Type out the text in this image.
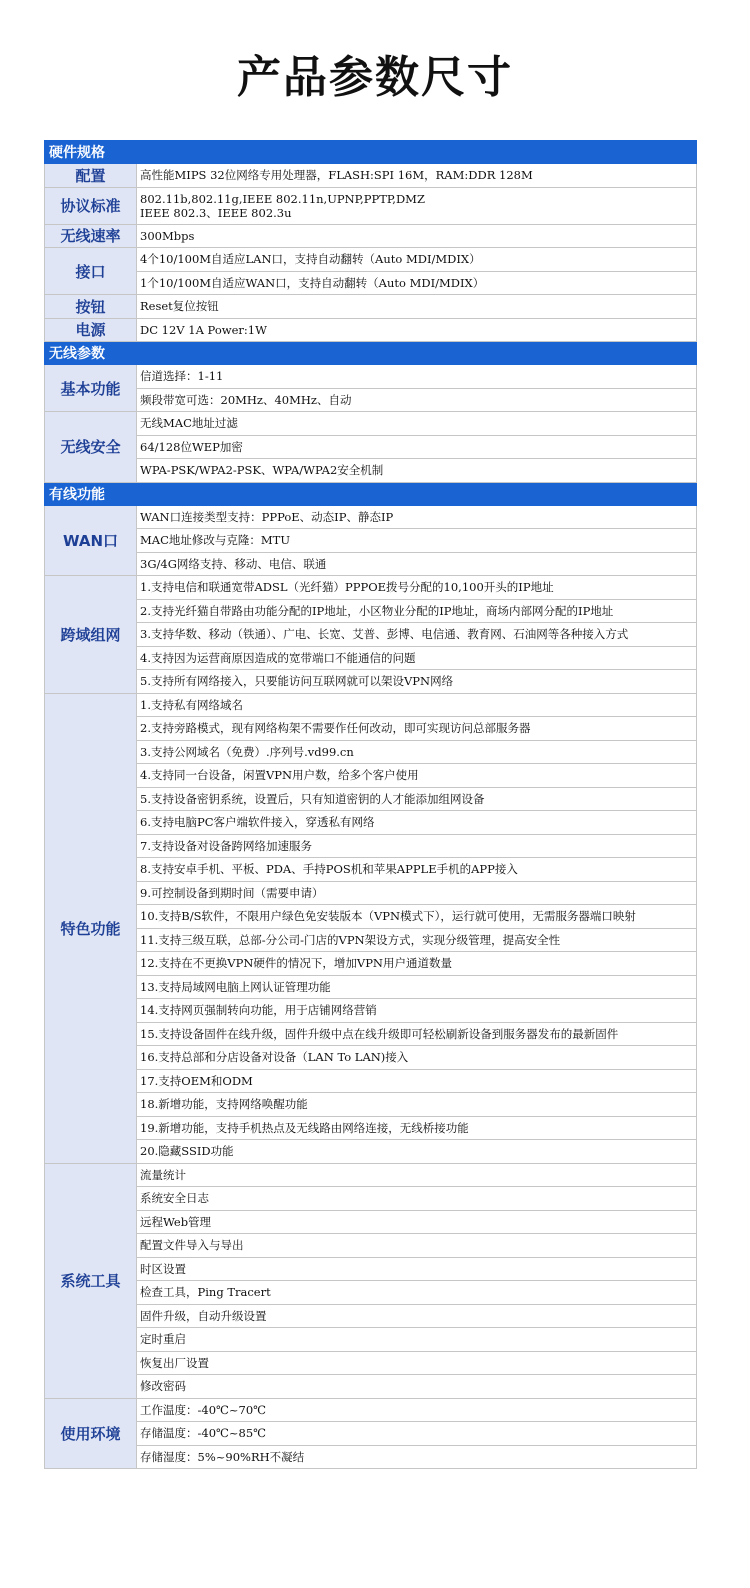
产品参数尺寸
硬件规格	
配置	高性能MIPS 32位网络专用处理器，FLASH:SPI 16M，RAM:DDR 128M
协议标准	802.11b,802.11g,IEEE 802.11n,UPNP,PPTP,DMZ
IEEE 802.3、IEEE 802.3u

无线速率	300Mbps
接口	4个10/100M自适应LAN口，支持自动翻转（Auto MDI/MDIX）
	1个10/100M自适应WAN口，支持自动翻转（Auto MDI/MDIX）
按钮	Reset复位按钮
电源	DC 12V 1A Power:1W
无线参数	
基本功能	信道选择：1-11
	频段带宽可选：20MHz、40MHz、自动
无线安全	无线MAC地址过滤
	64/128位WEP加密
	WPA-PSK/WPA2-PSK、WPA/WPA2安全机制
有线功能	
WAN口	WAN口连接类型支持：PPPoE、动态IP、静态IP
	MAC地址修改与克隆：MTU
	3G/4G网络支持、移动、电信、联通
跨域组网	1.支持电信和联通宽带ADSL（光纤猫）PPPOE拨号分配的10,100开头的IP地址
	2.支持光纤猫自带路由功能分配的IP地址，小区物业分配的IP地址，商场内部网分配的IP地址
	3.支持华数、移动（铁通）、广电、长宽、艾普、彭博、电信通、教育网、石油网等各种接入方式
	4.支持因为运营商原因造成的宽带端口不能通信的问题
	5.支持所有网络接入，只要能访问互联网就可以架设VPN网络
特色功能	1.支持私有网络域名
	2.支持旁路模式，现有网络构架不需要作任何改动，即可实现访问总部服务器
	3.支持公网域名（免费）.序列号.vd99.cn
	4.支持同一台设备，闲置VPN用户数，给多个客户使用
	5.支持设备密钥系统，设置后，只有知道密钥的人才能添加组网设备
	6.支持电脑PC客户端软件接入，穿透私有网络
	7.支持设备对设备跨网络加速服务
	8.支持安卓手机、平板、PDA、手持POS机和苹果APPLE手机的APP接入
	9.可控制设备到期时间（需要申请）
	10.支持B/S软件，不限用户绿色免安装版本（VPN模式下），运行就可使用，无需服务器端口映射
	11.支持三级互联，总部-分公司-门店的VPN架设方式，实现分级管理，提高安全性
	12.支持在不更换VPN硬件的情况下，增加VPN用户通道数量
	13.支持局域网电脑上网认证管理功能
	14.支持网页强制转向功能，用于店铺网络营销
	15.支持设备固件在线升级，固件升级中点在线升级即可轻松刷新设备到服务器发布的最新固件
	16.支持总部和分店设备对设备（LAN To LAN)接入
	17.支持OEM和ODM
	18.新增功能，支持网络唤醒功能
	19.新增功能，支持手机热点及无线路由网络连接，无线桥接功能
	20.隐藏SSID功能
系统工具	流量统计
	系统安全日志
	远程Web管理
	配置文件导入与导出
	时区设置
	检查工具，Ping Tracert
	固件升级，自动升级设置
	定时重启
	恢复出厂设置
	修改密码
使用环境	工作温度：-40℃~70℃
	存储温度：-40℃~85℃
	存储湿度：5%~90%RH不凝结
